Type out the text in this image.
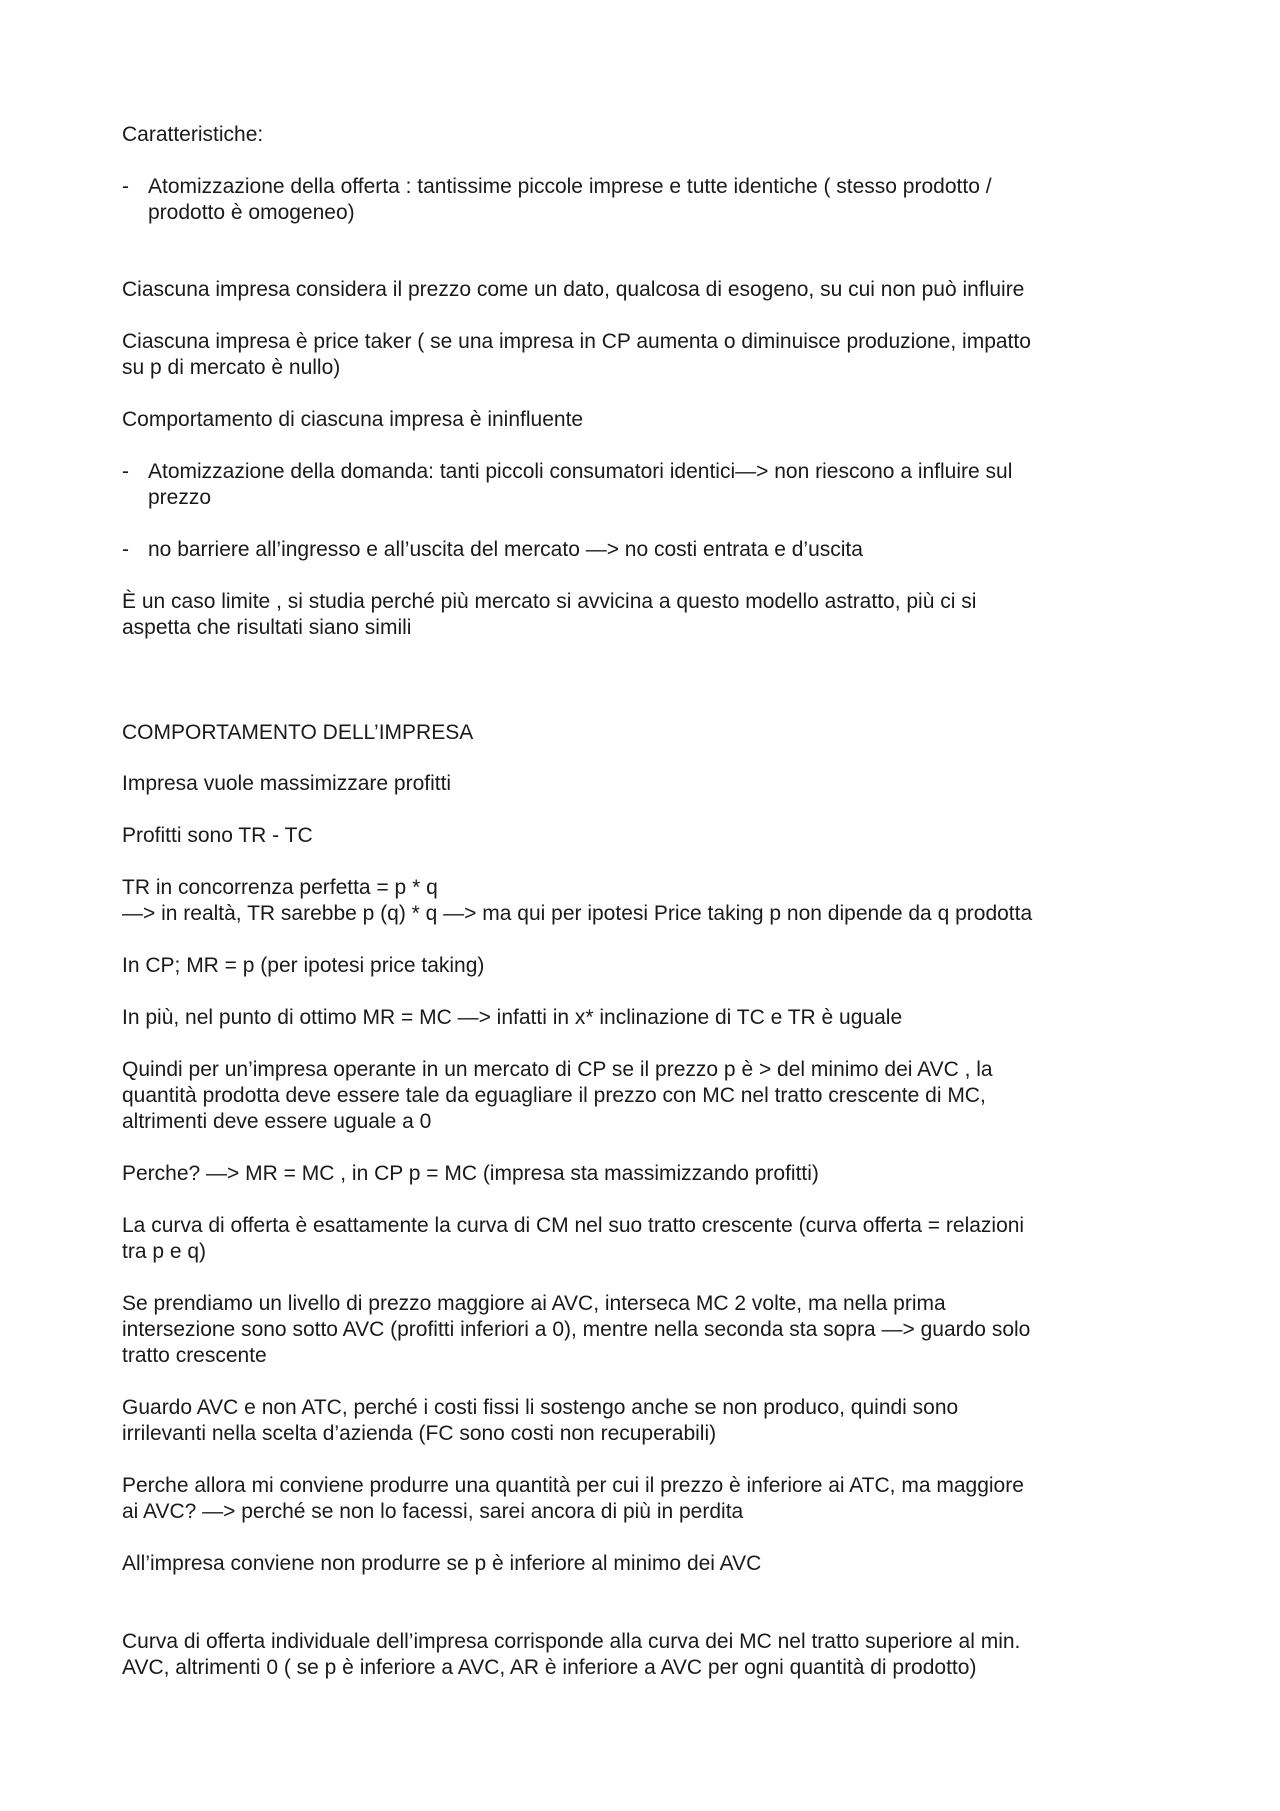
Caratteristiche:

- Atomizzazione della offerta : tantissime piccole imprese e tutte identiche ( stesso prodotto /
prodotto è omogeneo)

Ciascuna impresa considera il prezzo come un dato, qualcosa di esogeno, su cui non può influire

Ciascuna impresa è price taker ( se una impresa in CP aumenta o diminuisce produzione, impatto
su p di mercato è nullo)

Comportamento di ciascuna impresa è ininfluente

- Atomizzazione della domanda: tanti piccoli consumatori identici—> non riescono a influire sul
prezzo
- no barriere all’ingresso e all’uscita del mercato —> no costi entrata e d’uscita
È un caso limite , si studia perché più mercato si avvicina a questo modello astratto, più ci si
aspetta che risultati siano simili

COMPORTAMENTO DELL’IMPRESA

Impresa vuole massimizzare profitti

Profitti sono TR - TC

TR in concorrenza perfetta = p * q
—> in realtà, TR sarebbe p (q) * q —> ma qui per ipotesi Price taking p non dipende da q prodotta

In CP; MR = p (per ipotesi price taking)

In più, nel punto di ottimo MR = MC —> infatti in x* inclinazione di TC e TR è uguale

Quindi per un’impresa operante in un mercato di CP se il prezzo p è > del minimo dei AVC , la
quantità prodotta deve essere tale da eguagliare il prezzo con MC nel tratto crescente di MC,
altrimenti deve essere uguale a 0

Perche? —> MR = MC , in CP p = MC (impresa sta massimizzando profitti)

La curva di offerta è esattamente la curva di CM nel suo tratto crescente (curva offerta = relazioni
tra p e q)
Se prendiamo un livello di prezzo maggiore ai AVC, interseca MC 2 volte, ma nella prima
intersezione sono sotto AVC (profitti inferiori a 0), mentre nella seconda sta sopra —> guardo solo
tratto crescente
Guardo AVC e non ATC, perché i costi fissi li sostengo anche se non produco, quindi sono
irrilevanti nella scelta d’azienda (FC sono costi non recuperabili)
Perche allora mi conviene produrre una quantità per cui il prezzo è inferiore ai ATC, ma maggiore
ai AVC? —> perché se non lo facessi, sarei ancora di più in perdita

All’impresa conviene non produrre se p è inferiore al minimo dei AVC

Curva di offerta individuale dell’impresa corrisponde alla curva dei MC nel tratto superiore al min.
AVC, altrimenti 0 ( se p è inferiore a AVC, AR è inferiore a AVC per ogni quantità di prodotto)
